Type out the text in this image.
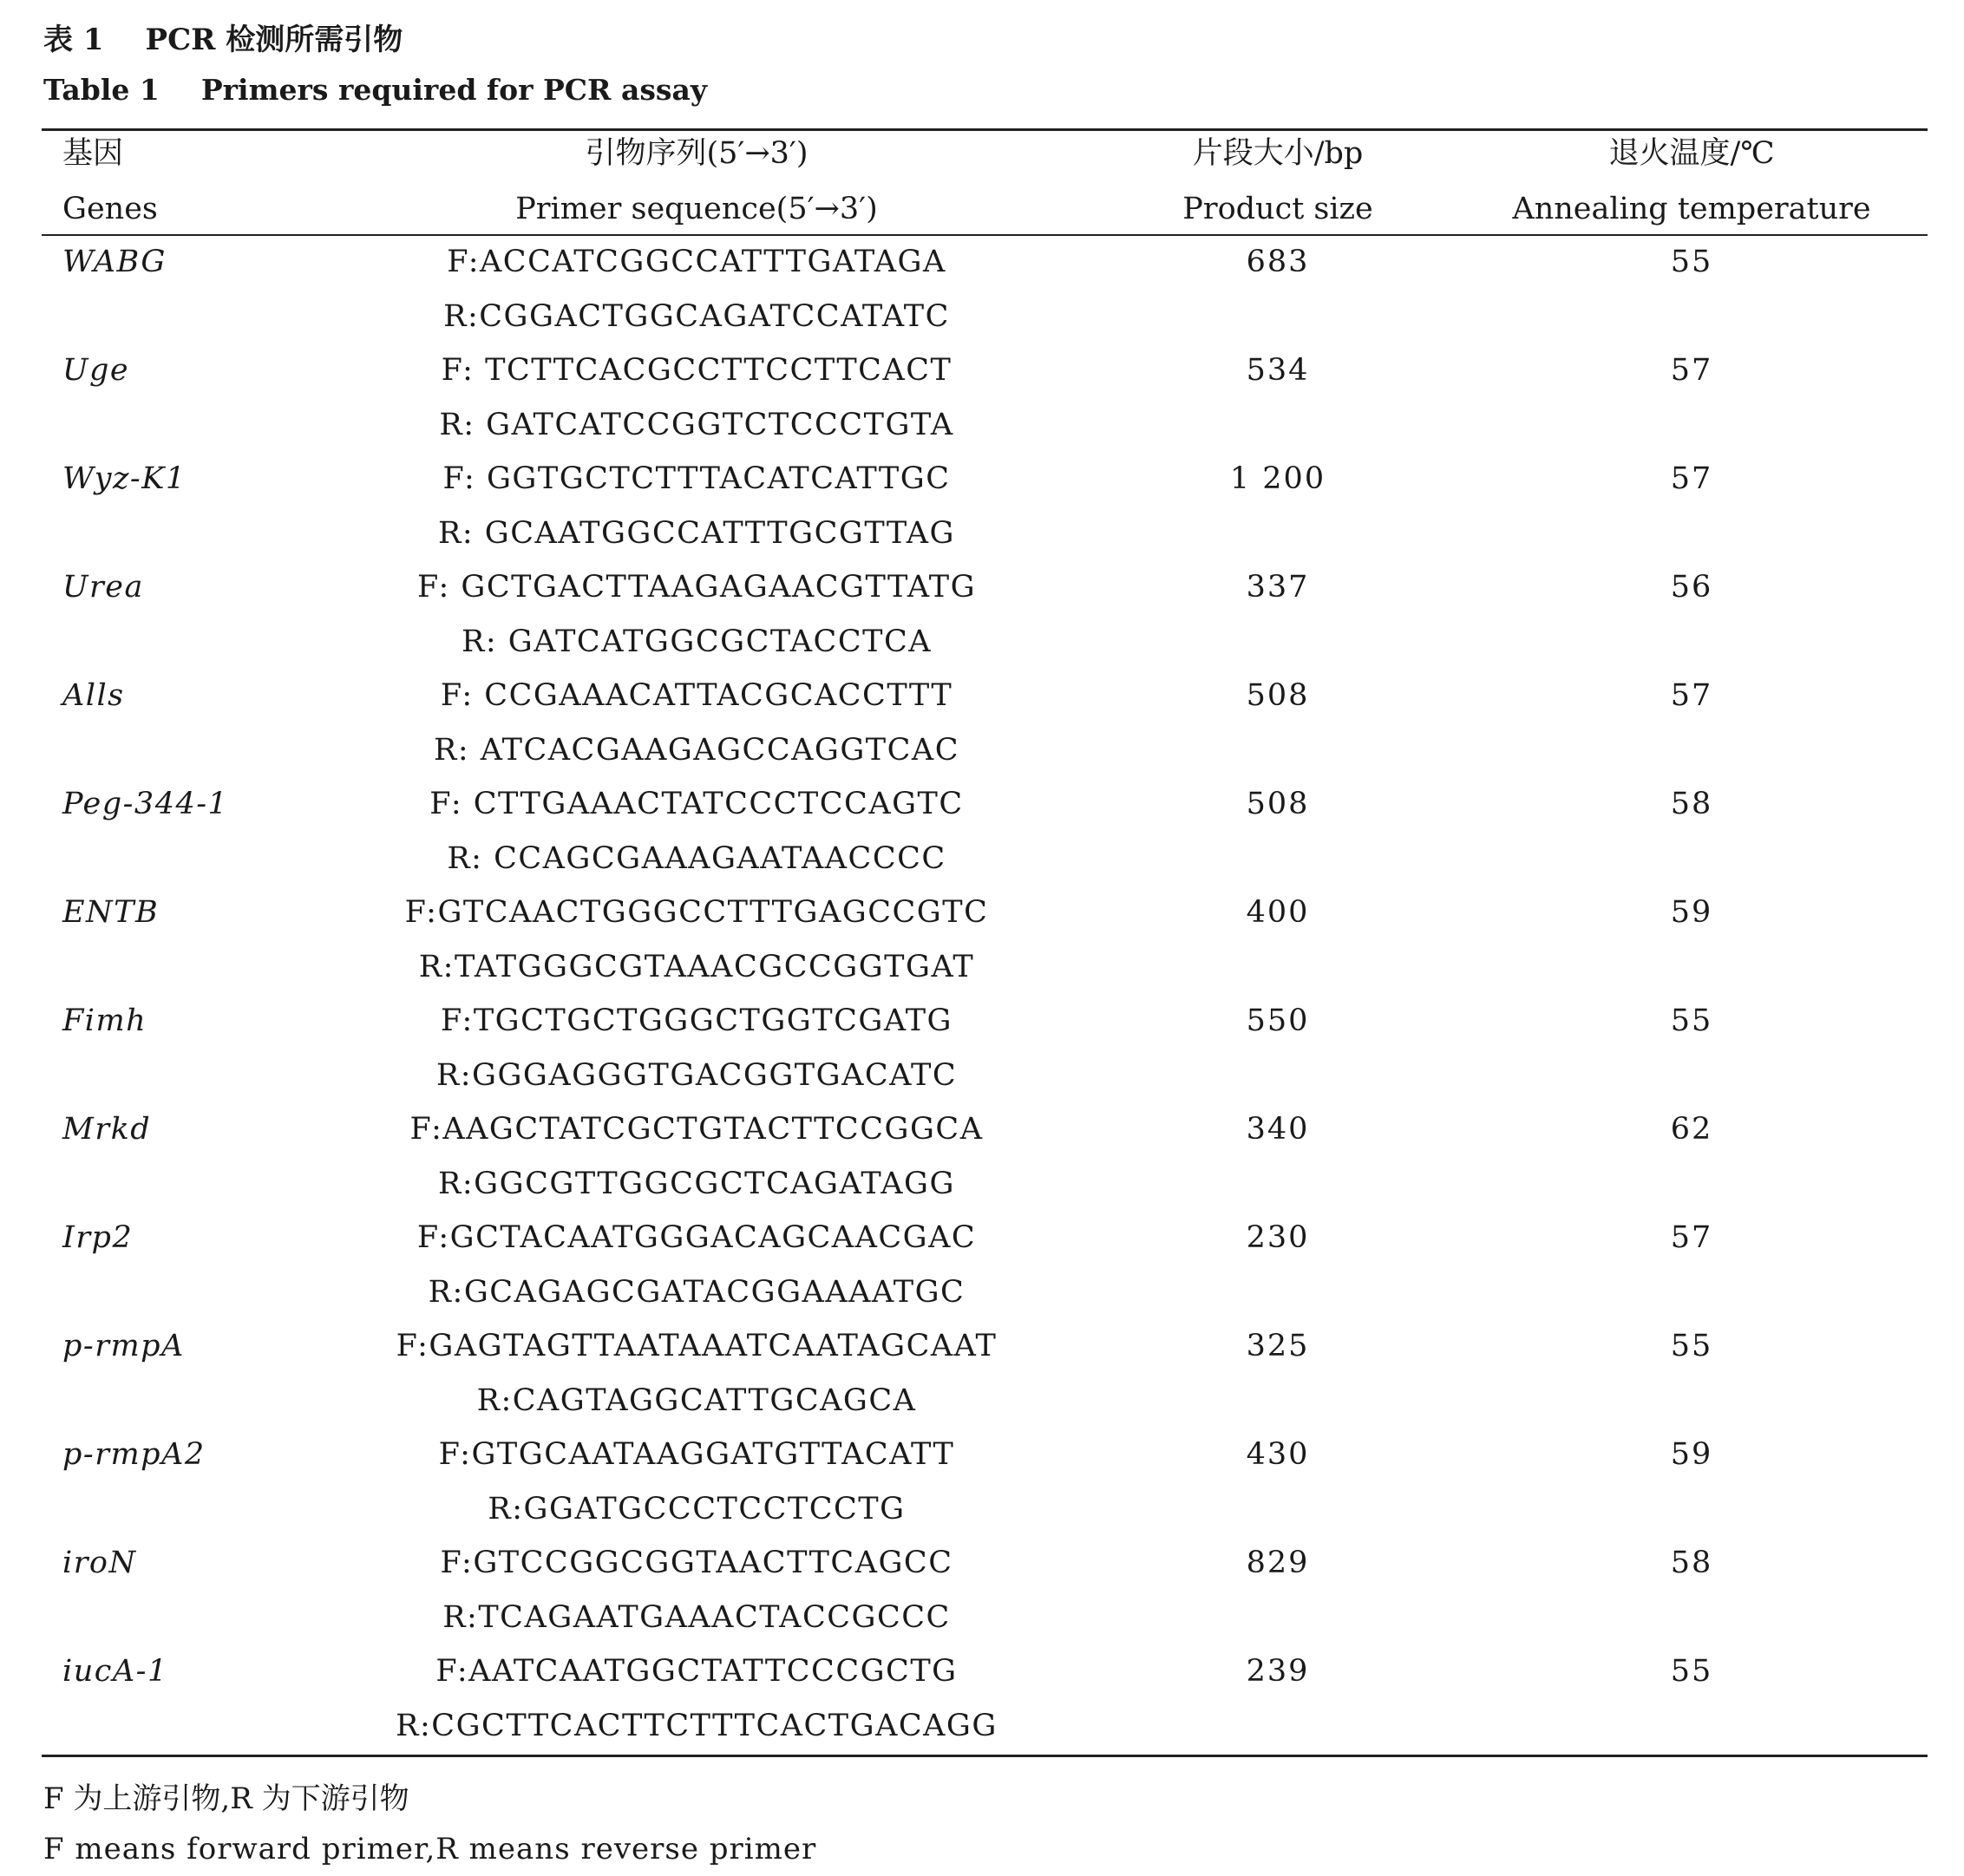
表 1 PCR 检测所需引物
Table 1 Primers required for PCR assay
基因	引物序列(5′→3′)	片段大小/bp	退火温度/℃
Genes	Primer sequence(5′→3′)	Product size	Annealing temperature
WABG	F:ACCATCGGCCATTTGATAGA	683	55
R:CGGACTGGCAGATCCATATC
Uge	F: TCTTCACGCCTTCCTTCACT	534	57
R: GATCATCCGGTCTCCCTGTA
Wyz-K1	F: GGTGCTCTTTACATCATTGC	1 200	57
R: GCAATGGCCATTTGCGTTAG
Urea	F: GCTGACTTAAGAGAACGTTATG	337	56
R: GATCATGGCGCTACCTCA
Alls	F: CCGAAACATTACGCACCTTT	508	57
R: ATCACGAAGAGCCAGGTCAC
Peg-344-1	F: CTTGAAACTATCCCTCCAGTC	508	58
R: CCAGCGAAAGAATAACCCC
ENTB	F:GTCAACTGGGCCTTTGAGCCGTC	400	59
R:TATGGGCGTAAACGCCGGTGAT
Fimh	F:TGCTGCTGGGCTGGTCGATG	550	55
R:GGGAGGGTGACGGTGACATC
Mrkd	F:AAGCTATCGCTGTACTTCCGGCA	340	62
R:GGCGTTGGCGCTCAGATAGG
Irp2	F:GCTACAATGGGACAGCAACGAC	230	57
R:GCAGAGCGATACGGAAAATGC
p-rmpA	F:GAGTAGTTAATAAATCAATAGCAAT	325	55
R:CAGTAGGCATTGCAGCA
p-rmpA2	F:GTGCAATAAGGATGTTACATT	430	59
R:GGATGCCCTCCTCCTG
iroN	F:GTCCGGCGGTAACTTCAGCC	829	58
R:TCAGAATGAAACTACCGCCC
iucA-1	F:AATCAATGGCTATTCCCGCTG	239	55
R:CGCTTCACTTCTTTCACTGACAGG
F 为上游引物,R 为下游引物
F means forward primer,R means reverse primer
